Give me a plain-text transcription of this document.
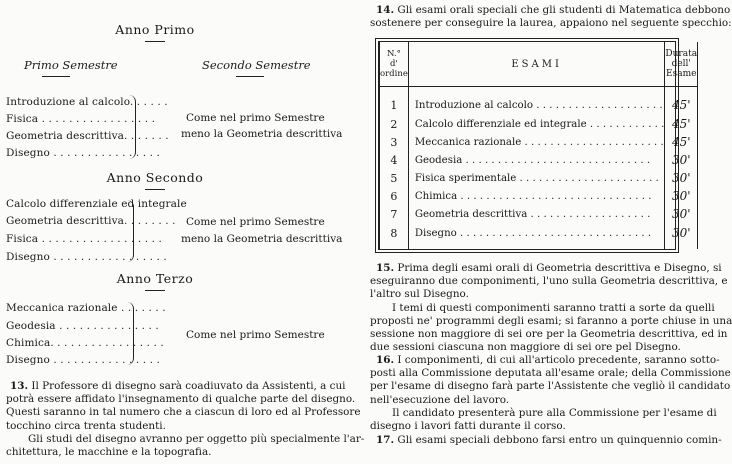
Anno Primo
Primo Semestre	Secondo Semestre
Introduzione al calcolo. . . . . .
Fisica . . . . . . . . . . . . . . . . .
Geometria descrittiva. . . . . . .
Disegno . . . . . . . . . . . . . . . .
Come nel primo Semestre
meno la Geometria descrittiva
Anno Secondo
Calcolo differenziale ed integrale
Geometria descrittiva. . . . . . . .
Fisica . . . . . . . . . . . . . . . . . .
Disegno . . . . . . . . . . . . . . . . .
Come nel primo Semestre
meno la Geometria descrittiva
Anno Terzo
Meccanica razionale . . . . . . .
Geodesia . . . . . . . . . . . . . . .
Chimica. . . . . . . . . . . . . . . . .
Disegno . . . . . . . . . . . . . . . .
Come nel primo Semestre
13. Il Professore di disegno sarà coadiuvato da Assistenti, a cui
potrà essere affidato l'insegnamento di qualche parte del disegno.
Questi saranno in tal numero che a ciascun di loro ed al Professore
tocchino circa trenta studenti.
Gli studi del disegno avranno per oggetto più specialmente l'ar-
chitettura, le macchine e la topografia.
14. Gli esami orali speciali che gli studenti di Matematica debbono
sostenere per conseguire la laurea, appaiono nel seguente specchio:
N.°
d'
ordine	ESAMI	Durata
dell'
Esame
1	Introduzione al calcolo . . . . . . . . . . . . . . . . . . . .	45'
2	Calcolo differenziale ed integrale . . . . . . . . . . . .	45'
3	Meccanica razionale . . . . . . . . . . . . . . . . . . . . . .	45'
4	Geodesia . . . . . . . . . . . . . . . . . . . . . . . . . . . . .	30'
5	Fisica sperimentale . . . . . . . . . . . . . . . . . . . . . .	30'
6	Chimica . . . . . . . . . . . . . . . . . . . . . . . . . . . . . .	30'
7	Geometria descrittiva . . . . . . . . . . . . . . . . . . .	30'
8	Disegno . . . . . . . . . . . . . . . . . . . . . . . . . . . . . .	30'
15. Prima degli esami orali di Geometria descrittiva e Disegno, si
eseguiranno due componimenti, l'uno sulla Geometria descrittiva, e
l'altro sul Disegno.
I temi di questi componimenti saranno tratti a sorte da quelli
proposti ne' programmi degli esami; si faranno a porte chiuse in una
sessione non maggiore di sei ore per la Geometria descrittiva, ed in
due sessioni ciascuna non maggiore di sei ore pel Disegno.
16. I componimenti, di cui all'articolo precedente, saranno sotto-
posti alla Commissione deputata all'esame orale; della Commissione
per l'esame di disegno farà parte l'Assistente che vegliò il candidato
nell'esecuzione del lavoro.
Il candidato presenterà pure alla Commissione per l'esame di
disegno i lavori fatti durante il corso.
17. Gli esami speciali debbono farsi entro un quinquennio comin-
